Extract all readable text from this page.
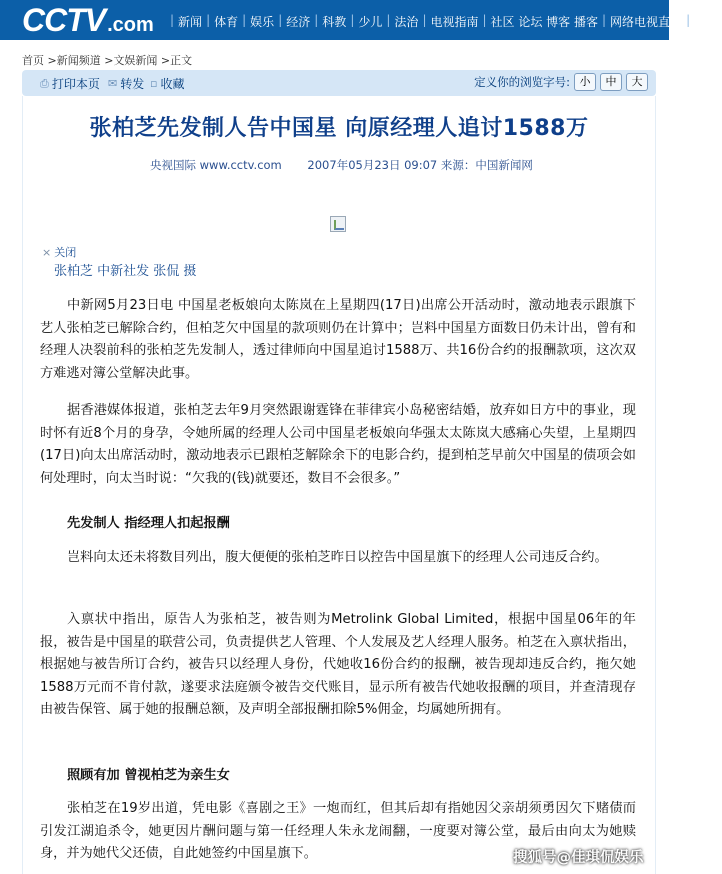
CCTV .com | 新闻 | 体育 | 娱乐 | 经济 | 科教 | 少儿 | 法治 | 电视指南 | 社区 论坛 博客 播客 | 网络电视直播 | 网站
首页 >新闻频道 >文娱新闻 >正文
⎙ 打印本页 ✉ 转发 ▫ 收藏	定义你的浏览字号: 小	中	大
张柏芝先发制人告中国星 向原经理人追讨1588万
央视国际 www.cctv.com 2007年05月23日 09:07 来源：中国新闻网
× 关闭
张柏芝 中新社发 张侃 摄

中新网5月23日电 中国星老板娘向太陈岚在上星期四(17日)出席公开活动时，激动地表示跟旗下艺人张柏芝已解除合约，但柏芝欠中国星的款项则仍在计算中；岂料中国星方面数日仍未计出，曾有和经理人决裂前科的张柏芝先发制人，透过律师向中国星追讨1588万、共16份合约的报酬款项，这次双方难逃对簿公堂解决此事。

据香港媒体报道，张柏芝去年9月突然跟谢霆锋在菲律宾小岛秘密结婚，放弃如日方中的事业，现时怀有近8个月的身孕，令她所属的经理人公司中国星老板娘向华强太太陈岚大感痛心失望，上星期四(17日)向太出席活动时，激动地表示已跟柏芝解除余下的电影合约，提到柏芝早前欠中国星的债项会如何处理时，向太当时说：“欠我的(钱)就要还，数目不会很多。”

先发制人 指经理人扣起报酬

岂料向太还未将数目列出，腹大便便的张柏芝昨日以控告中国星旗下的经理人公司违反合约。

入禀状中指出，原告人为张柏芝，被告则为Metrolink Global Limited，根据中国星06年的年报，被告是中国星的联营公司，负责提供艺人管理、个人发展及艺人经理人服务。柏芝在入禀状指出，根据她与被告所订合约，被告只以经理人身份，代她收16份合约的报酬，被告现却违反合约，拖欠她1588万元而不肯付款，遂要求法庭颁令被告交代账目，显示所有被告代她收报酬的项目，并查清现存由被告保管、属于她的报酬总额，及声明全部报酬扣除5%佣金，均属她所拥有。

照顾有加 曾视柏芝为亲生女

张柏芝在19岁出道，凭电影《喜剧之王》一炮而红，但其后却有指她因父亲胡须勇因欠下赌债而引发江湖追杀令，她更因片酬问题与第一任经理人朱永龙闹翻，一度要对簿公堂，最后由向太为她赎身，并为她代父还债，自此她签约中国星旗下。	搜狐号@佳琪侃娱乐
